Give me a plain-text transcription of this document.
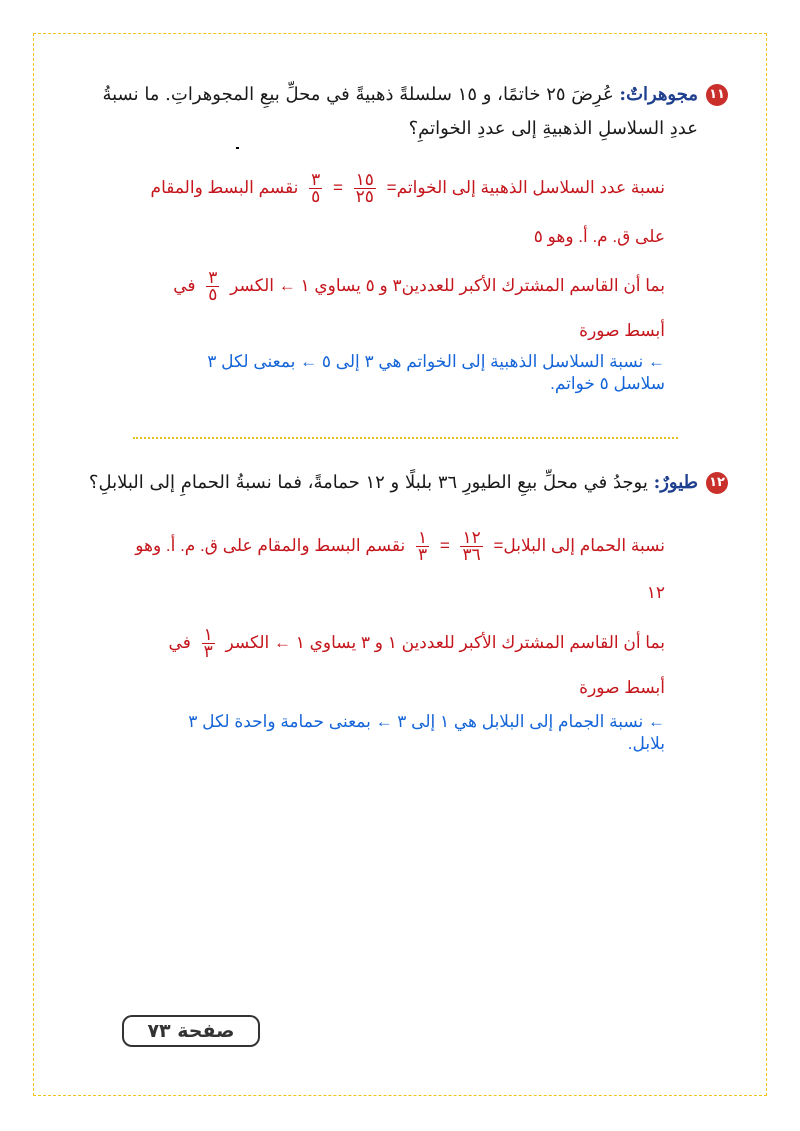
١١مجوهراتٌ: عُرِضَ ٢٥ خاتمًا، و ١٥ سلسلةً ذهبيةً في محلِّ بيعِ المجوهراتِ. ما نسبةُ
عددِ السلاسلِ الذهبيةِ إلى عددِ الخواتمِ؟
نسبة عدد السلاسل الذهبية إلى الخواتم=
$\frac{١٥}{٢٥}$
=
$\frac{٣}{٥}$
نقسم البسط والمقام
على ق. م. أ. وهو ٥
بما أن القاسم المشترك الأكبر للعددين٣ و ٥ يساوي ١ ← الكسر
$\frac{٣}{٥}$
في
أبسط صورة
← نسبة السلاسل الذهبية إلى الخواتم هي ٣ إلى ٥ ← بمعنى لكل ٣
سلاسل ٥ خواتم.
١٢طيورٌ: يوجدُ في محلِّ بيعِ الطيورِ ٣٦ بلبلًا و ١٢ حمامةً، فما نسبةُ الحمامِ إلى البلابلِ؟
نسبة الحمام إلى البلابل=
$\frac{١٢}{٣٦}$
=
$\frac{١}{٣}$
نقسم البسط والمقام على ق. م. أ. وهو
١٢
بما أن القاسم المشترك الأكبر للعددين ١ و ٣ يساوي ١ ← الكسر
$\frac{١}{٣}$
في
أبسط صورة
← نسبة الجمام إلى البلابل هي ١ إلى ٣ ← بمعنى حمامة واحدة لكل ٣
بلابل.
صفحة ٧٣
